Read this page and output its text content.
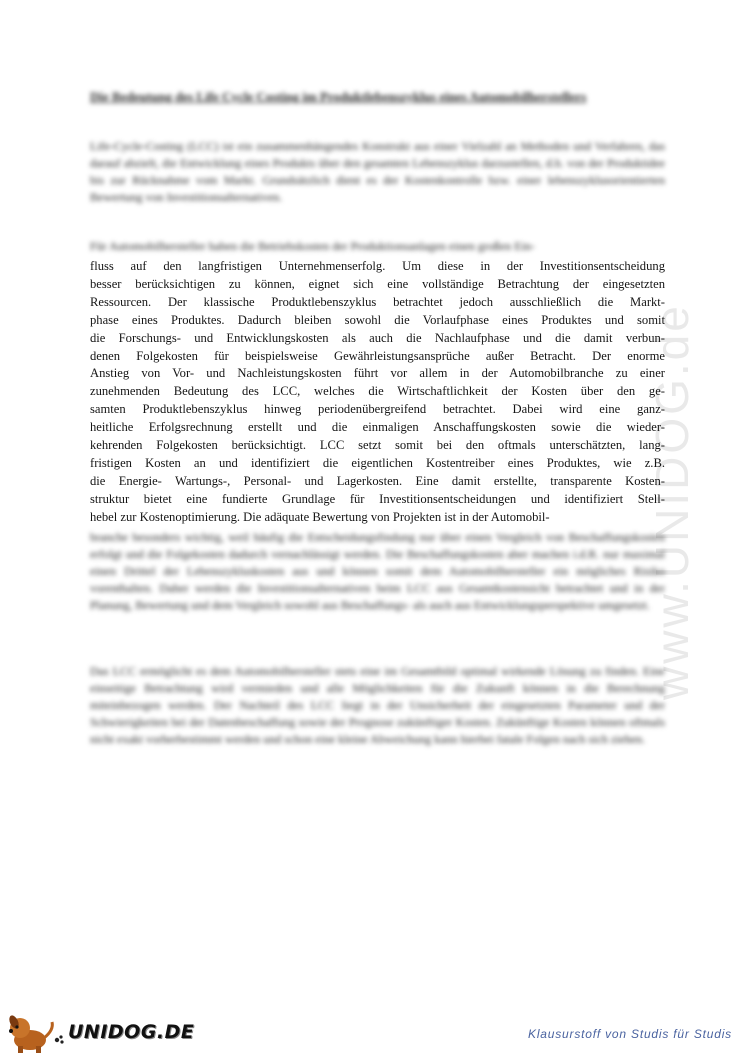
www.UNIDOG.de
Die Bedeutung des Life Cycle Costing im Produktlebenszyklus eines Automobilherstellers

Life-Cycle-Costing (LCC) ist ein zusammenhängendes Konstrukt aus einer Vielzahl an Methoden und Verfahren, das darauf abzielt, die Entwicklung eines Produkts über den gesamten Lebenszyklus darzustellen, d.h. von der Produktidee bis zur Rücknahme vom Markt. Grundsätzlich dient es der Kostenkontrolle bzw. einer lebenszyklusorientierten Bewertung von Investitionsalternativen.

Für Automobilhersteller haben die Betriebskosten der Produktionsanlagen einen großen Ein-

fluss auf den langfristigen Unternehmenserfolg. Um diese in der Investitionsentscheidung
besser berücksichtigen zu können, eignet sich eine vollständige Betrachtung der eingesetzten
Ressourcen. Der klassische Produktlebenszyklus betrachtet jedoch ausschließlich die Markt-
phase eines Produktes. Dadurch bleiben sowohl die Vorlaufphase eines Produktes und somit
die Forschungs- und Entwicklungskosten als auch die Nachlaufphase und die damit verbun-
denen Folgekosten für beispielsweise Gewährleistungsansprüche außer Betracht. Der enorme
Anstieg von Vor- und Nachleistungskosten führt vor allem in der Automobilbranche zu einer
zunehmenden Bedeutung des LCC, welches die Wirtschaftlichkeit der Kosten über den ge-
samten Produktlebenszyklus hinweg periodenübergreifend betrachtet. Dabei wird eine ganz-
heitliche Erfolgsrechnung erstellt und die einmaligen Anschaffungskosten sowie die wieder-
kehrenden Folgekosten berücksichtigt. LCC setzt somit bei den oftmals unterschätzten, lang-
fristigen Kosten an und identifiziert die eigentlichen Kostentreiber eines Produktes, wie z.B.
die Energie- Wartungs-, Personal- und Lagerkosten. Eine damit erstellte, transparente Kosten-
struktur bietet eine fundierte Grundlage für Investitionsentscheidungen und identifiziert Stell-
hebel zur Kostenoptimierung. Die adäquate Bewertung von Projekten ist in der Automobil-

branche besonders wichtig, weil häufig die Entscheidungsfindung nur über einen Vergleich von Beschaffungskosten erfolgt und die Folgekosten dadurch vernachlässigt werden. Die Beschaffungskosten aber machen i.d.R. nur maximal einen Drittel der Lebenszykluskosten aus und können somit dem Automobilhersteller ein mögliches Risiko vorenthalten. Daher werden die Investitionsalternativen beim LCC aus Gesamtkostensicht betrachtet und in der Planung, Bewertung und dem Vergleich sowohl aus Beschaffungs- als auch aus Entwicklungsperspektive umgesetzt.

Das LCC ermöglicht es dem Automobilhersteller stets eine im Gesamtbild optimal wirkende Lösung zu finden. Eine einseitige Betrachtung wird vermieden und alle Möglichkeiten für die Zukunft können in die Berechnung miteinbezogen werden. Der Nachteil des LCC liegt in der Unsicherheit der eingesetzten Parameter und der Schwierigkeiten bei der Datenbeschaffung sowie der Prognose zukünftiger Kosten. Zukünftige Kosten können oftmals nicht exakt vorherbestimmt werden und schon eine kleine Abweichung kann hierbei fatale Folgen nach sich ziehen.

UNIDOG.DE	Klausurstoff von Studis für Studis
